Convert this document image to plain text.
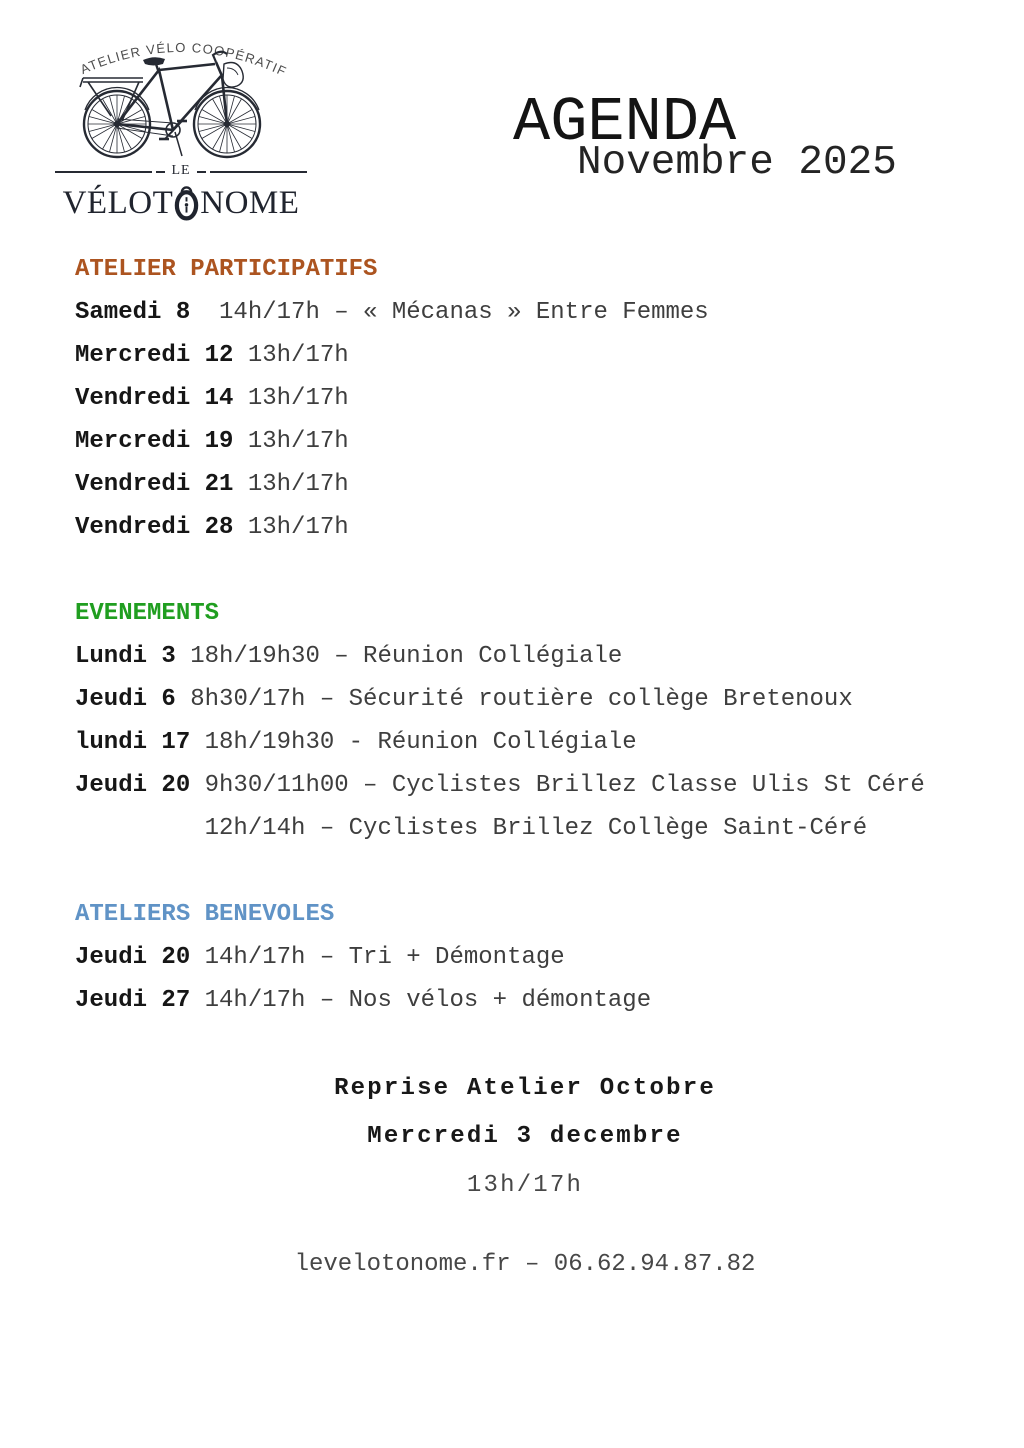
ATELIER VÉLO COOPÉRATIF
LE
VÉLOT NOME
AGENDA
Novembre 2025
ATELIER PARTICIPATIFS

Samedi 8  14h/17h – « Mécanas » Entre Femmes

Mercredi 12 13h/17h

Vendredi 14 13h/17h

Mercredi 19 13h/17h

Vendredi 21 13h/17h

Vendredi 28 13h/17h

EVENEMENTS

Lundi 3 18h/19h30 – Réunion Collégiale

Jeudi 6 8h30/17h – Sécurité routière collège Bretenoux

lundi 17 18h/19h30 - Réunion Collégiale

Jeudi 20 9h30/11h00 – Cyclistes Brillez Classe Ulis St Céré

12h/14h – Cyclistes Brillez Collège Saint-Céré

ATELIERS BENEVOLES

Jeudi 20 14h/17h – Tri + Démontage

Jeudi 27 14h/17h – Nos vélos + démontage

Reprise Atelier Octobre

Mercredi 3 decembre

13h/17h

levelotonome.fr – 06.62.94.87.82
